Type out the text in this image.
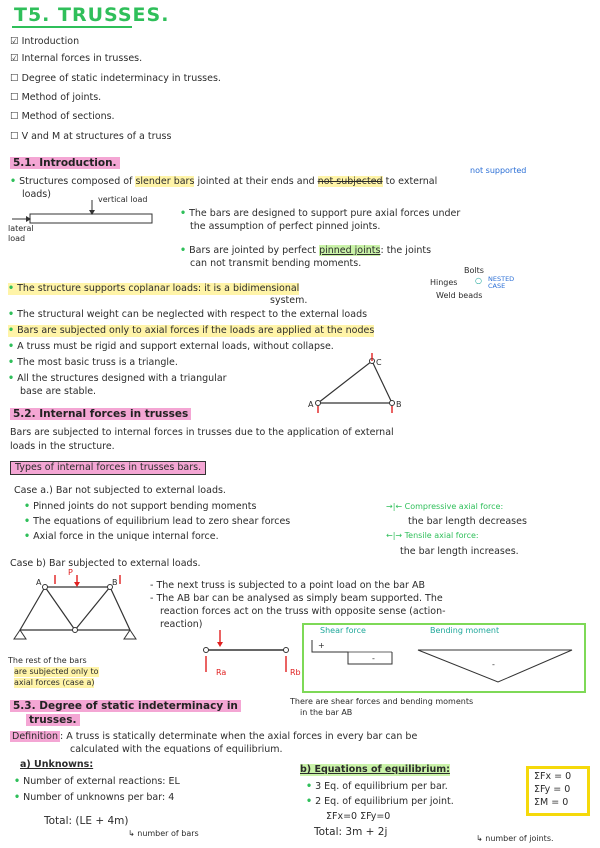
T5. TRUSSES.
☑ Introduction
☑ Internal forces in trusses.
☐ Degree of static indeterminacy in trusses.
☐ Method of joints.
☐ Method of sections.
☐ V and M at structures of a truss
5.1. Introduction.
• Structures composed of slender bars jointed at their ends and not subjected to external
not supported
loads)	vertical load
lateral load
• The bars are designed to support pure axial forces under
the assumption of perfect pinned joints.
• Bars are jointed by perfect pinned joints: the joints
can not transmit bending moments.
Bolts
Hinges ○ NESTED CASE
Weld beads
• The structure supports coplanar loads: it is a bidimensional
system.
• The structural weight can be neglected with respect to the external loads
• Bars are subjected only to axial forces if the loads are applied at the nodes
• A truss must be rigid and support external loads, without collapse.
• The most basic truss is a triangle.
• All the structures designed with a triangular
base are stable.
A	B
C
5.2. Internal forces in trusses
Bars are subjected to internal forces in trusses due to the application of external
loads in the structure.
Types of internal forces in trusses bars.
Case a.) Bar not subjected to external loads.
• Pinned joints do not support bending moments
• The equations of equilibrium lead to zero shear forces
• Axial force in the unique internal force.
→|← Compressive axial force:
the bar length decreases
←|→ Tensile axial force:
the bar length increases.
Case b) Bar subjected to external loads.
A
P
B
The rest of the bars
are subjected only to
axial forces (case a)
- The next truss is subjected to a point load on the bar AB
- The AB bar can be analysed as simply beam supported. The
reaction forces act on the truss with opposite sense (action-
reaction)
Ra	Rb
Shear force	Bending moment
+
-
-
There are shear forces and bending moments
in the bar AB
5.3. Degree of static indeterminacy in
trusses.
Definition : A truss is statically determinate when the axial forces in every bar can be
calculated with the equations of equilibrium.
a) Unknowns:
• Number of external reactions: EL
• Number of unknowns per bar: 4
Total: (LE + 4m)
↳ number of bars
b) Equations of equilibrium:
• 3 Eq. of equilibrium per bar.
• 2 Eq. of equilibrium per joint.
ΣFx=0 ΣFy=0
Total: 3m + 2j
↳ number of joints.
ΣFx = 0
ΣFy = 0
ΣM = 0
